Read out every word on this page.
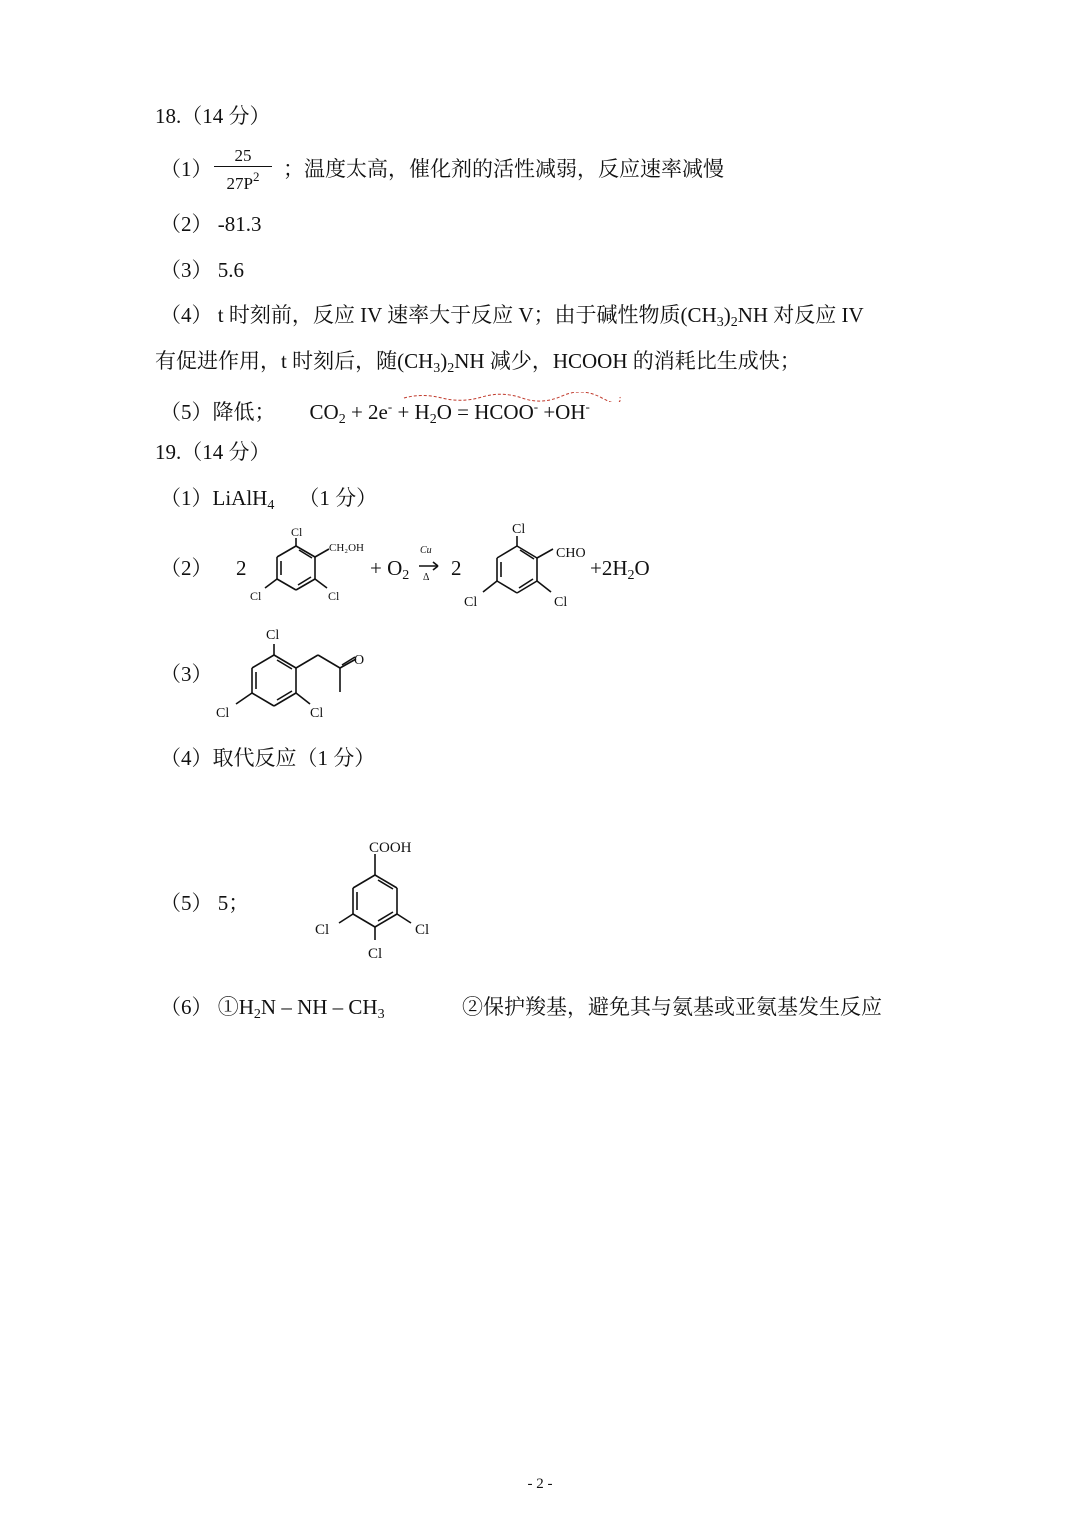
18.（14 分）
$(1) \frac{25}{27P^2}$ ；温度太高，催化剂的活性减弱，反应速率减慢
（2） -81.3
（3） 5.6
（4） t 时刻前，反应 IV 速率大于反应 V；由于碱性物质$(CH_3)_2NH$ 对反应 IV
有促进作用，t 时刻后，随$(CH_3)_2NH$ 减少，HCOOH 的消耗比生成快；
（5）降低； $CO_2 + 2e^- + H_2O$ = HCOO- +OH-
19.（14 分）
（1）LiAlH$_4$ （1 分）
（2） 2
Cl
CH₂OH
Cl	Cl
+ $O_2$
Cu
Δ 2
Cl
CHO
Cl	Cl
$+2H_2O$
（3）
Cl
O
Cl	Cl
（4）取代反应（1 分）
（5） 5；
COOH
Cl	Cl
Cl
（6） $①H_2N$ – NH – $CH_3$	②保护羧基，避免其与氨基或亚氨基发生反应
- 2 -
